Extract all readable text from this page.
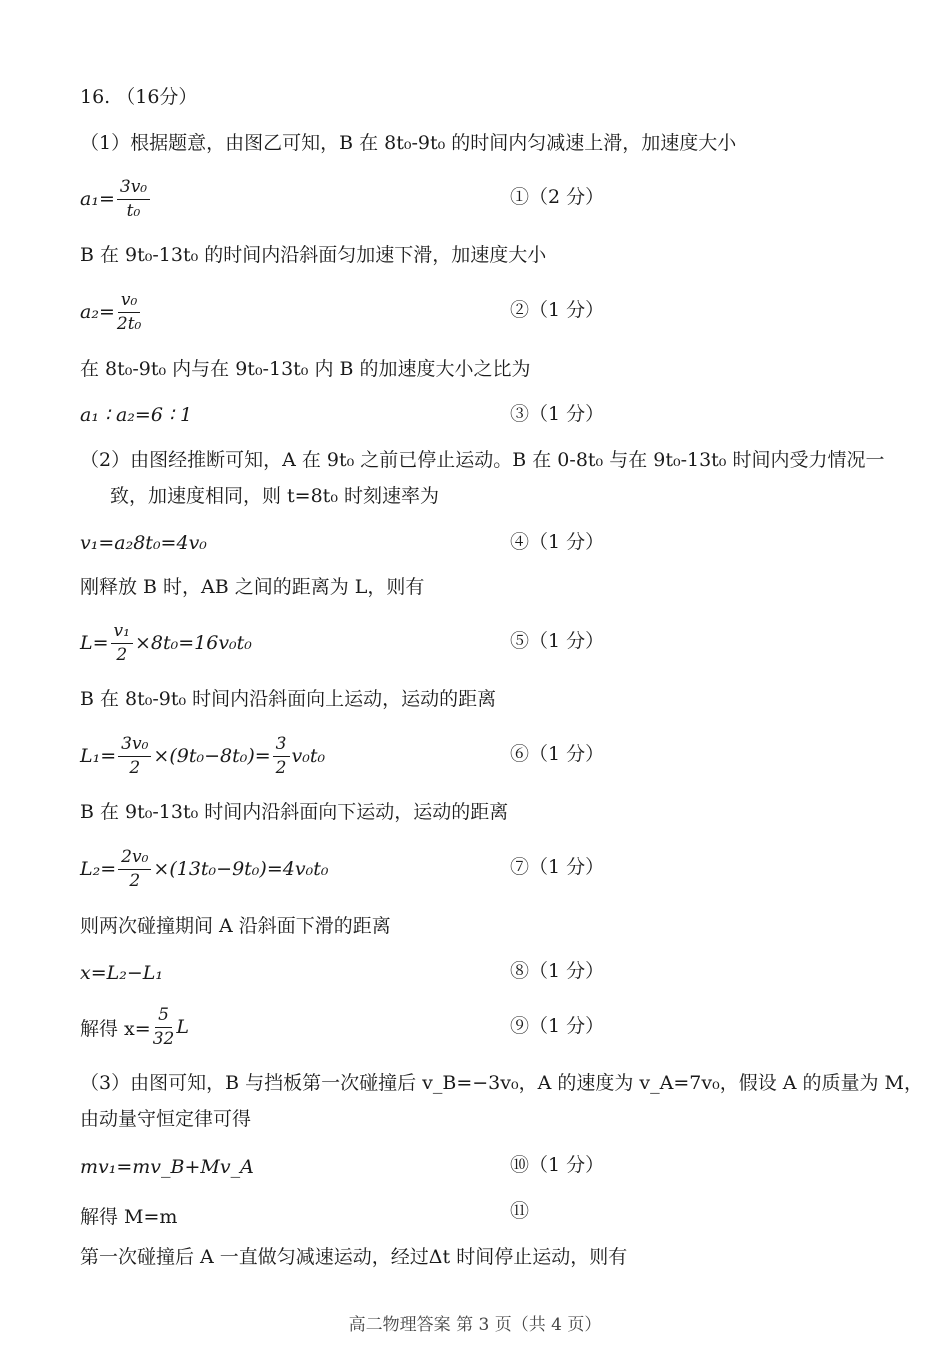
16. （16分）
（1）根据题意，由图乙可知，B 在 8t₀-9t₀ 的时间内匀减速上滑，加速度大小
$a_1= \frac{\text{3v₀}}{\text{t₀}}$	①（2 分）
B 在 9t₀-13t₀ 的时间内沿斜面匀加速下滑，加速度大小
$a_2= \frac{\text{v₀}}{\text{2t₀}}$	②（1 分）
在 8t₀-9t₀ 内与在 9t₀-13t₀ 内 B 的加速度大小之比为
a₁ ∶ a₂=6 ∶ 1	③（1 分）
（2）由图经推断可知，A 在 9t₀ 之前已停止运动。B 在 0-8t₀ 与在 9t₀-13t₀ 时间内受力情况一
致，加速度相同，则 t=8t₀ 时刻速率为
v₁=a₂8t₀=4v₀	④（1 分）
刚释放 B 时，AB 之间的距离为 L，则有
$L= \frac{\text{v₁}}{2} \times 8t_0=16v_0t_0$	⑤（1 分）
B 在 8t₀-9t₀ 时间内沿斜面向上运动，运动的距离
$L_1= \frac{\text{3v₀}}{2} \times(9t_0-8t_0)= \frac{3}{2} v_0t_0$	⑥（1 分）
B 在 9t₀-13t₀ 时间内沿斜面向下运动，运动的距离
$L_2= \frac{\text{2v₀}}{2} \times(13t_0-9t_0)=4v_0t_0$	⑦（1 分）
则两次碰撞期间 A 沿斜面下滑的距离
x=L₂−L₁	⑧（1 分）
解得 $x= \frac{5}{32}$ L	⑨（1 分）
（3）由图可知，B 与挡板第一次碰撞后 v_B=−3v₀，A 的速度为 v_A=7v₀，假设 A 的质量为 M，
由动量守恒定律可得
mv₁=mv_B+Mv_A	⑩（1 分）
解得 M=m	⑪
第一次碰撞后 A 一直做匀减速运动，经过Δt 时间停止运动，则有
高二物理答案 第 3 页（共 4 页）
